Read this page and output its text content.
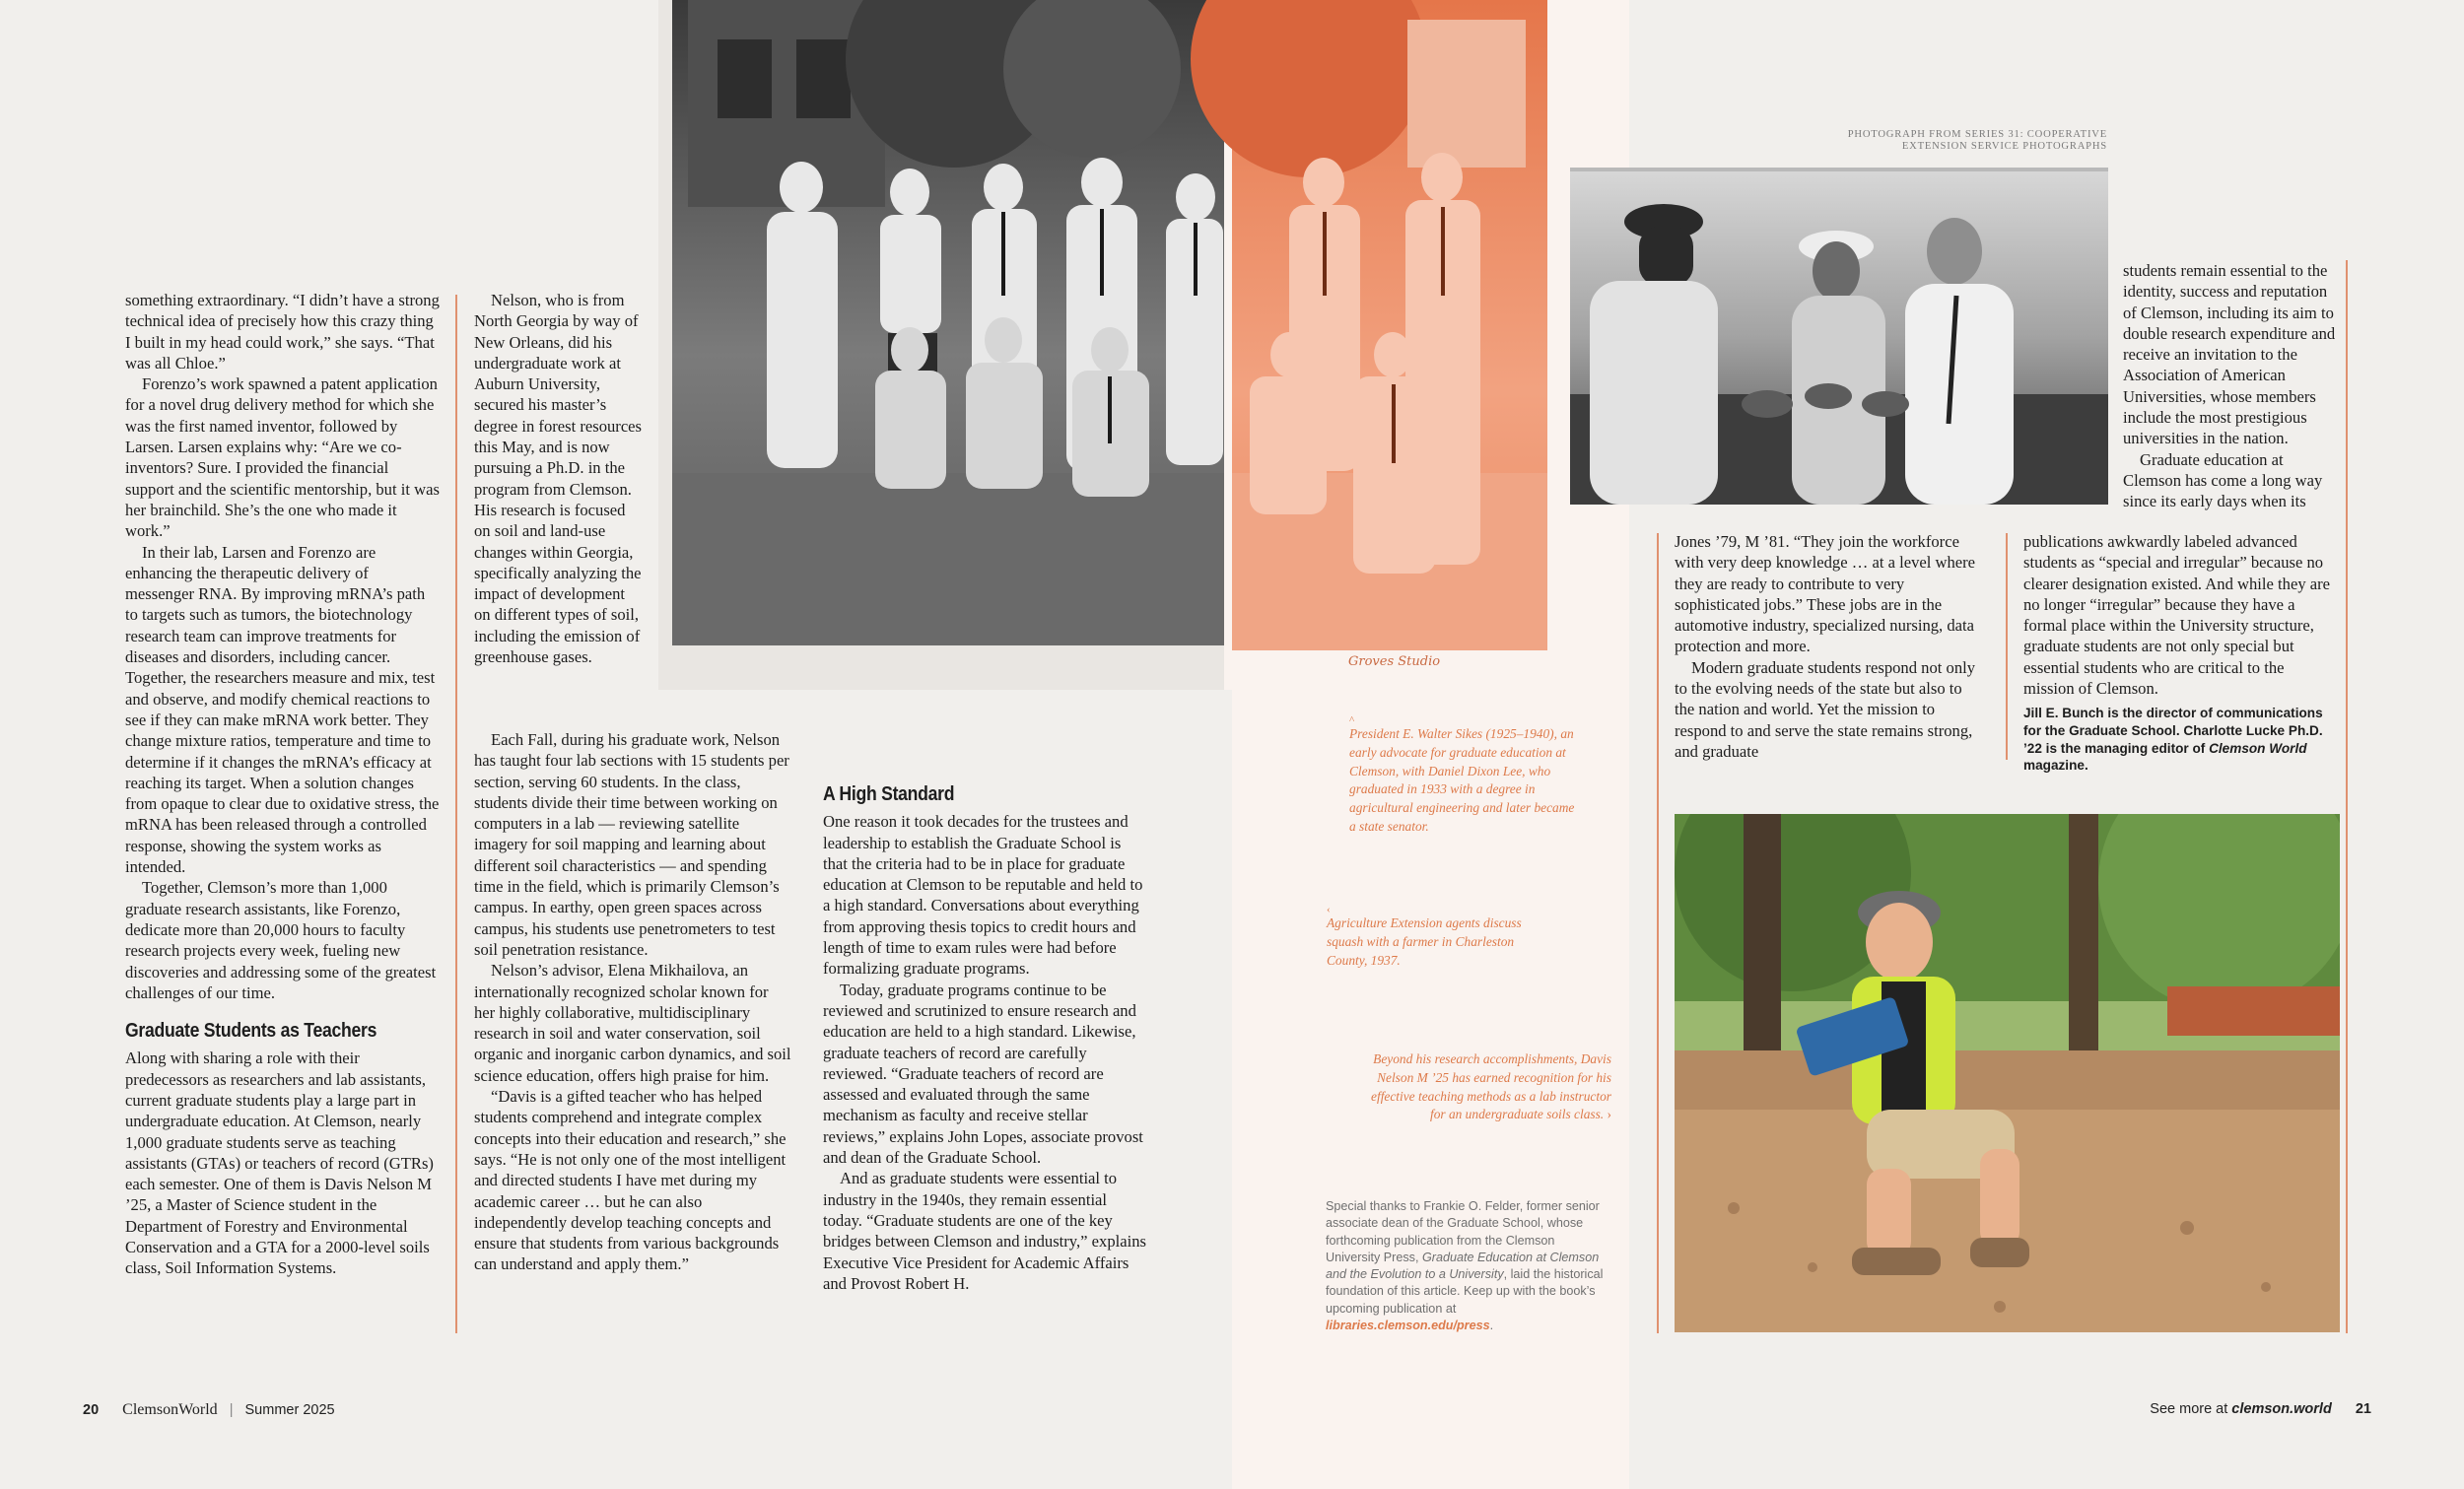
Groves Studio
PHOTOGRAPH FROM SERIES 31: COOPERATIVE
EXTENSION SERVICE PHOTOGRAPHS
^
President E. Walter Sikes (1925–1940), an early advocate for graduate education at Clemson, with Daniel Dixon Lee, who graduated in 1933 with a degree in agricultural engineering and later became a state senator.
‹
Agriculture Extension agents discuss squash with a farmer in Charleston County, 1937.
Beyond his research accomplishments, Davis Nelson M ’25 has earned recognition for his effective teaching methods as a lab instructor for an undergraduate soils class. ›
Special thanks to Frankie O. Felder, former senior associate dean of the Graduate School, whose forthcoming publication from the Clemson University Press, Graduate Education at Clemson and the Evolution to a University, laid the historical foundation of this article. Keep up with the book’s upcoming publication at libraries.clemson.edu/press.

something extraordinary. “I didn’t have a strong technical idea of precisely how this crazy thing I built in my head could work,” she says. “That was all Chloe.”

Forenzo’s work spawned a patent application for a novel drug delivery method for which she was the first named inventor, followed by Larsen. Larsen explains why: “Are we co-inventors? Sure. I provided the financial support and the scientific mentorship, but it was her brainchild. She’s the one who made it work.”

In their lab, Larsen and Forenzo are enhancing the therapeutic delivery of messenger RNA. By improving mRNA’s path to targets such as tumors, the biotechnology research team can improve treatments for diseases and disorders, including cancer. Together, the researchers measure and mix, test and observe, and modify chemical reactions to see if they can make mRNA work better. They change mixture ratios, temperature and time to determine if it changes the mRNA’s efficacy at reaching its target. When a solution changes from opaque to clear due to oxidative stress, the mRNA has been released through a controlled response, showing the system works as intended.

Together, Clemson’s more than 1,000 graduate research assistants, like Forenzo, dedicate more than 20,000 hours to faculty research projects every week, fueling new discoveries and addressing some of the greatest challenges of our time.

Graduate Students as Teachers

Along with sharing a role with their predecessors as researchers and lab assistants, current graduate students play a large part in undergraduate education. At Clemson, nearly 1,000 graduate students serve as teaching assistants (GTAs) or teachers of record (GTRs) each semester. One of them is Davis Nelson M ’25, a Master of Science student in the Department of Forestry and Environmental Conservation and a GTA for a 2000-level soils class, Soil Information Systems.

Nelson, who is from North Georgia by way of New Orleans, did his undergraduate work at Auburn University, secured his master’s degree in forest resources this May, and is now pursuing a Ph.D. in the program from Clemson. His research is focused on soil and land-use changes within Georgia, specifically analyzing the impact of development on different types of soil, including the emission of greenhouse gases.

Each Fall, during his graduate work, Nelson has taught four lab sections with 15 students per section, serving 60 students. In the class, students divide their time between working on computers in a lab — reviewing satellite imagery for soil mapping and learning about different soil characteristics — and spending time in the field, which is primarily Clemson’s campus. In earthy, open green spaces across campus, his students use penetrometers to test soil penetration resistance.

Nelson’s advisor, Elena Mikhailova, an internationally recognized scholar known for her highly collaborative, multidisciplinary research in soil and water conservation, soil organic and inorganic carbon dynamics, and soil science education, offers high praise for him.

“Davis is a gifted teacher who has helped students comprehend and integrate complex concepts into their education and research,” she says. “He is not only one of the most intelligent and directed students I have met during my academic career … but he can also independently develop teaching concepts and ensure that students from various backgrounds can understand and apply them.”

A High Standard

One reason it took decades for the trustees and leadership to establish the Graduate School is that the criteria had to be in place for graduate education at Clemson to be reputable and held to a high standard. Conversations about everything from approving thesis topics to credit hours and length of time to exam rules were had before formalizing graduate programs.

Today, graduate programs continue to be reviewed and scrutinized to ensure research and education are held to a high standard. Likewise, graduate teachers of record are carefully reviewed. “Graduate teachers of record are assessed and evaluated through the same mechanism as faculty and receive stellar reviews,” explains John Lopes, associate provost and dean of the Graduate School.

And as graduate students were essential to industry in the 1940s, they remain essential today. “Graduate students are one of the key bridges between Clemson and industry,” explains Executive Vice President for Academic Affairs and Provost Robert H.

Jones ’79, M ’81. “They join the workforce with very deep knowledge … at a level where they are ready to contribute to very sophisticated jobs.” These jobs are in the automotive industry, specialized nursing, data protection and more.

Modern graduate students respond not only to the evolving needs of the state but also to the nation and world. Yet the mission to respond to and serve the state remains strong, and graduate

students remain essential to the identity, success and reputation of Clemson, including its aim to double research expenditure and receive an invitation to the Association of American Universities, whose members include the most prestigious universities in the nation.

Graduate education at Clemson has come a long way since its early days when its

publications awkwardly labeled advanced students as “special and irregular” because no clearer designation existed. And while they are no longer “irregular” because they have a formal place within the University structure, graduate students are not only special but essential students who are critical to the mission of Clemson.

Jill E. Bunch is the director of communications for the Graduate School. Charlotte Lucke Ph.D. ’22 is the managing editor of Clemson World magazine.

20 ClemsonWorld | Summer 2025	See more at clemson.world 21
